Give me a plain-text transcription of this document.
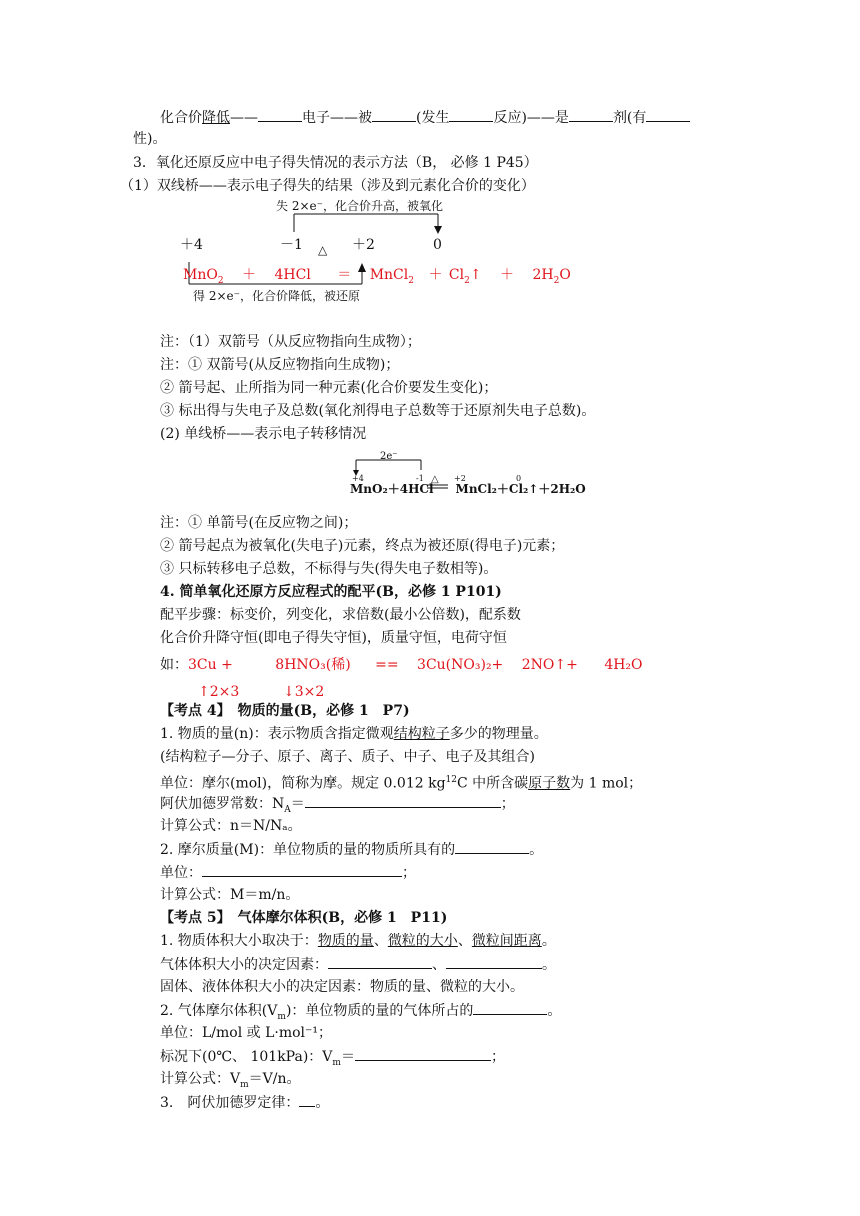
化合价降低——	电子——被	(发生	反应)——是	剂(有
性)。
3．氧化还原反应中电子得失情况的表示方法（B， 必修 1 P45）
（1）双线桥——表示电子得失的结果（涉及到元素化合价的变化）
失 2×e⁻，化合价升高，被氧化
＋4	－1 △ ＋2	0
MnO$_2$ ＋ 4HCl ＝ MnCl$_2$ ＋ $Cl_2↑ + 2H_2O$
得 2×e⁻，化合价降低，被还原
注：（1）双箭号（从反应物指向生成物）；
注：① 双箭号(从反应物指向生成物)；
② 箭号起、止所指为同一种元素(化合价要发生变化)；
③ 标出得与失电子及总数(氧化剂得电子总数等于还原剂失电子总数)。
(2) 单线桥——表示电子转移情况
2e⁻
+4	-1	+2	0
△
MnO₂＋4HCl MnCl₂＋Cl₂↑＋2H₂O
注：① 单箭号(在反应物之间)；
② 箭号起点为被氧化(失电子)元素，终点为被还原(得电子)元素；
③ 只标转移电子总数，不标得与失(得失电子数相等)。
4. 简单氧化还原方反应程式的配平(B，必修 1 P101)
配平步骤：标变价，列变化，求倍数(最小公倍数)，配系数
化合价升降守恒(即电子得失守恒)，质量守恒，电荷守恒
如：3Cu +	8HNO₃(稀) == 3Cu(NO₃)₂+ 2NO↑+ 4H₂O
↑2×3	↓3×2
【考点 4】　物质的量(B，必修 1　P7)
1. 物质的量(n)：表示物质含指定微观结构粒子多少的物理量。
(结构粒子—分子、原子、离子、质子、中子、电子及其组合)
单位：摩尔(mol)，简称为摩。规定 0.012 $kg^{12}C$ 中所含碳原子数为 1 mol；
阿伏加德罗常数：$N_A=$	；
计算公式：n＝N/Nₐ。
2. 摩尔质量(M)：单位物质的量的物质所具有的	。
单位：	；
计算公式：M＝m/n。
【考点 5】　气体摩尔体积(B，必修 1　P11)
1. 物质体积大小取决于：物质的量、微粒的大小、微粒间距离。
气体体积大小的决定因素：	、	。
固体、液体体积大小的决定因素：物质的量、微粒的大小。
2. 气体摩尔体积$(V_m)$：单位物质的量的气体所占的	。
单位：L/mol 或 L·mol⁻¹；
标况下(0℃、 101kPa)：$V_m=$	；
计算公式：$V_m=V/n$。
3.　阿伏加德罗定律： 。
